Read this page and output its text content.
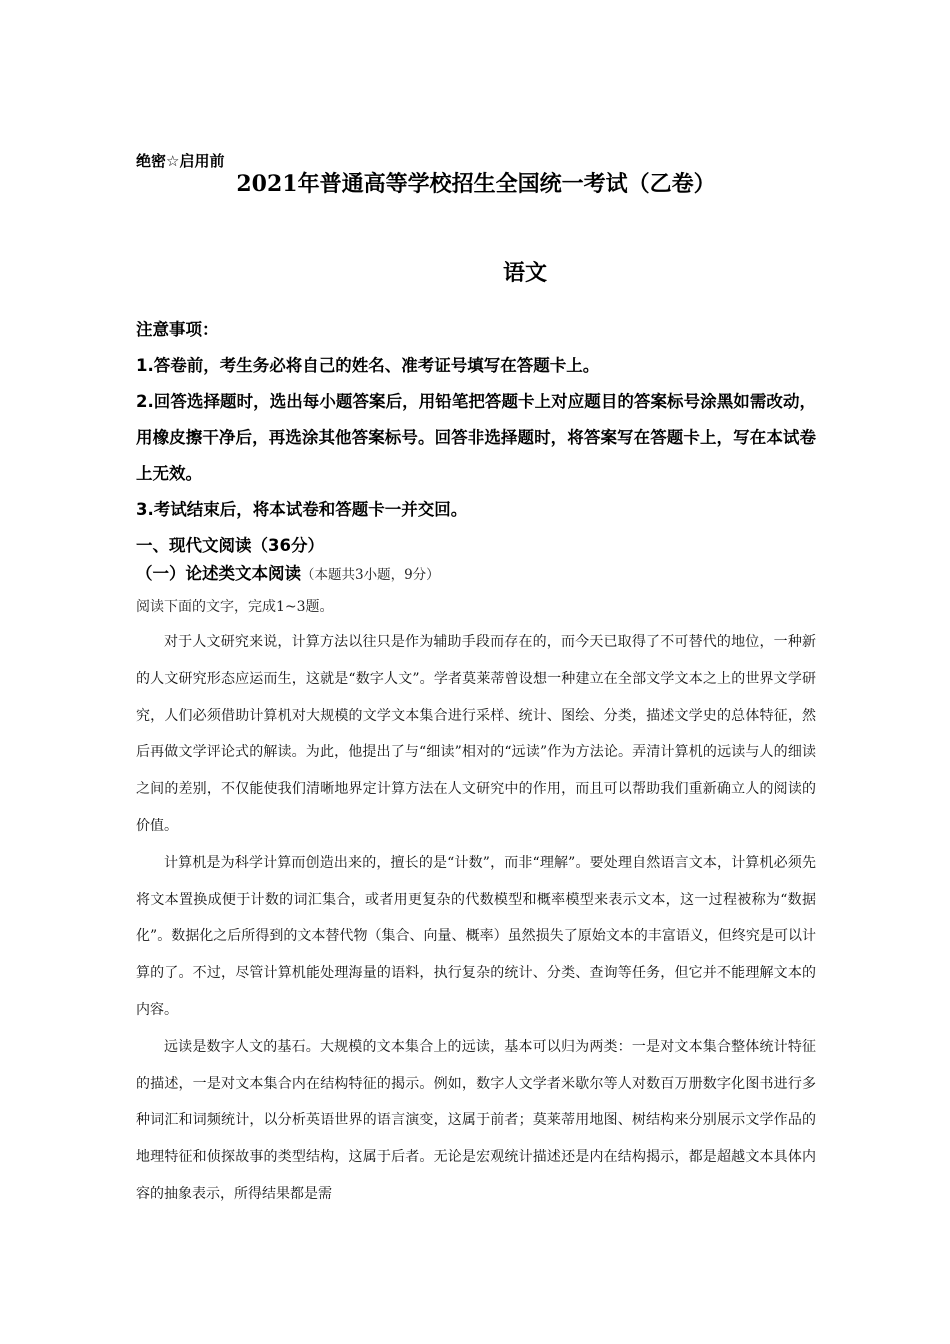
绝密☆启用前
2021年普通高等学校招生全国统一考试（乙卷）
语文

注意事项：

1.答卷前，考生务必将自己的姓名、准考证号填写在答题卡上。

2.回答选择题时，选出每小题答案后，用铅笔把答题卡上对应题目的答案标号涂黑如需改动，用橡皮擦干净后，再选涂其他答案标号。回答非选择题时，将答案写在答题卡上，写在本试卷上无效。

3.考试结束后，将本试卷和答题卡一并交回。

一、现代文阅读（36分）

（一）论述类文本阅读（本题共3小题，9分）
阅读下面的文字，完成1~3题。

对于人文研究来说，计算方法以往只是作为辅助手段而存在的，而今天已取得了不可替代的地位，一种新的人文研究形态应运而生，这就是“数字人文”。学者莫莱蒂曾设想一种建立在全部文学文本之上的世界文学研究，人们必须借助计算机对大规模的文学文本集合进行采样、统计、图绘、分类，描述文学史的总体特征，然后再做文学评论式的解读。为此，他提出了与“细读”相对的“远读”作为方法论。弄清计算机的远读与人的细读之间的差别，不仅能使我们清晰地界定计算方法在人文研究中的作用，而且可以帮助我们重新确立人的阅读的价值。

计算机是为科学计算而创造出来的，擅长的是“计数”，而非“理解”。要处理自然语言文本，计算机必须先将文本置换成便于计数的词汇集合，或者用更复杂的代数模型和概率模型来表示文本，这一过程被称为“数据化”。数据化之后所得到的文本替代物（集合、向量、概率）虽然损失了原始文本的丰富语义，但终究是可以计算的了。不过，尽管计算机能处理海量的语料，执行复杂的统计、分类、查询等任务，但它并不能理解文本的内容。

远读是数字人文的基石。大规模的文本集合上的远读，基本可以归为两类：一是对文本集合整体统计特征的描述，一是对文本集合内在结构特征的揭示。例如，数字人文学者米歇尔等人对数百万册数字化图书进行多种词汇和词频统计，以分析英语世界的语言演变，这属于前者；莫莱蒂用地图、树结构来分别展示文学作品的地理特征和侦探故事的类型结构，这属于后者。无论是宏观统计描述还是内在结构揭示，都是超越文本具体内容的抽象表示，所得结果都是需
